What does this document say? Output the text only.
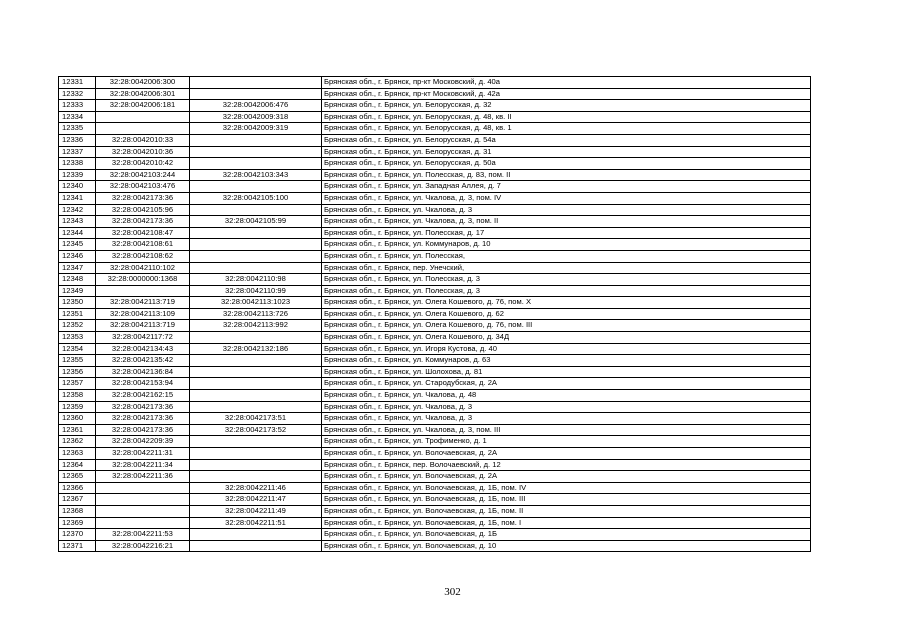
12331	32:28:0042006:300		Брянская обл., г. Брянск, пр-кт Московский, д. 40а
12332	32:28:0042006:301		Брянская обл., г. Брянск, пр-кт Московский, д. 42а
12333	32:28:0042006:181	32:28:0042006:476	Брянская обл., г. Брянск, ул. Белорусская, д. 32
12334		32:28:0042009:318	Брянская обл., г. Брянск, ул. Белорусская, д. 48, кв. II
12335		32:28:0042009:319	Брянская обл., г. Брянск, ул. Белорусская, д. 48, кв. 1
12336	32:28:0042010:33		Брянская обл., г. Брянск, ул. Белорусская, д. 54а
12337	32:28:0042010:36		Брянская обл., г. Брянск, ул. Белорусская, д. 31
12338	32:28:0042010:42		Брянская обл., г. Брянск, ул. Белорусская, д. 50а
12339	32:28:0042103:244	32:28:0042103:343	Брянская обл., г. Брянск, ул. Полесская, д. 83, пом. II
12340	32:28:0042103:476		Брянская обл., г. Брянск, ул. Западная Аллея, д. 7
12341	32:28:0042173:36	32:28:0042105:100	Брянская обл., г. Брянск, ул. Чкалова, д. 3, пом. IV
12342	32:28:0042105:96		Брянская обл., г. Брянск, ул. Чкалова, д. 3
12343	32:28:0042173:36	32:28:0042105:99	Брянская обл., г. Брянск, ул. Чкалова, д. 3, пом. II
12344	32:28:0042108:47		Брянская обл., г. Брянск, ул. Полесская, д. 17
12345	32:28:0042108:61		Брянская обл., г. Брянск, ул. Коммунаров, д. 10
12346	32:28:0042108:62		Брянская обл., г. Брянск, ул. Полесская,
12347	32:28:0042110:102		Брянская обл., г. Брянск, пер. Унечский,
12348	32:28:0000000:1368	32:28:0042110:98	Брянская обл., г. Брянск, ул. Полесская, д. 3
12349		32:28:0042110:99	Брянская обл., г. Брянск, ул. Полесская, д. 3
12350	32:28:0042113:719	32:28:0042113:1023	Брянская обл., г. Брянск, ул. Олега Кошевого, д. 76, пом. X
12351	32:28:0042113:109	32:28:0042113:726	Брянская обл., г. Брянск, ул. Олега Кошевого, д. 62
12352	32:28:0042113:719	32:28:0042113:992	Брянская обл., г. Брянск, ул. Олега Кошевого, д. 76, пом. III
12353	32:28:0042117:72		Брянская обл., г. Брянск, ул. Олега Кошевого, д. 34Д
12354	32:28:0042134:43	32:28:0042132:186	Брянская обл., г. Брянск, ул. Игоря Кустова, д. 40
12355	32:28:0042135:42		Брянская обл., г. Брянск, ул. Коммунаров, д. 63
12356	32:28:0042136:84		Брянская обл., г. Брянск, ул. Шолохова, д. 81
12357	32:28:0042153:94		Брянская обл., г. Брянск, ул. Стародубская, д. 2А
12358	32:28:0042162:15		Брянская обл., г. Брянск, ул. Чкалова, д. 48
12359	32:28:0042173:36		Брянская обл., г. Брянск, ул. Чкалова, д. 3
12360	32:28:0042173:36	32:28:0042173:51	Брянская обл., г. Брянск, ул. Чкалова, д. 3
12361	32:28:0042173:36	32:28:0042173:52	Брянская обл., г. Брянск, ул. Чкалова, д. 3, пом. III
12362	32:28:0042209:39		Брянская обл., г. Брянск, ул. Трофименко, д. 1
12363	32:28:0042211:31		Брянская обл., г. Брянск, ул. Волочаевская, д. 2А
12364	32:28:0042211:34		Брянская обл., г. Брянск, пер. Волочаевский, д. 12
12365	32:28:0042211:36		Брянская обл., г. Брянск, ул. Волочаевская, д. 2А
12366		32:28:0042211:46	Брянская обл., г. Брянск, ул. Волочаевская, д. 1Б, пом. IV
12367		32:28:0042211:47	Брянская обл., г. Брянск, ул. Волочаевская, д. 1Б, пом. III
12368		32:28:0042211:49	Брянская обл., г. Брянск, ул. Волочаевская, д. 1Б, пом. II
12369		32:28:0042211:51	Брянская обл., г. Брянск, ул. Волочаевская, д. 1Б, пом. I
12370	32:28:0042211:53		Брянская обл., г. Брянск, ул. Волочаевская, д. 1Б
12371	32:28:0042216:21		Брянская обл., г. Брянск, ул. Волочаевская, д. 10
302
